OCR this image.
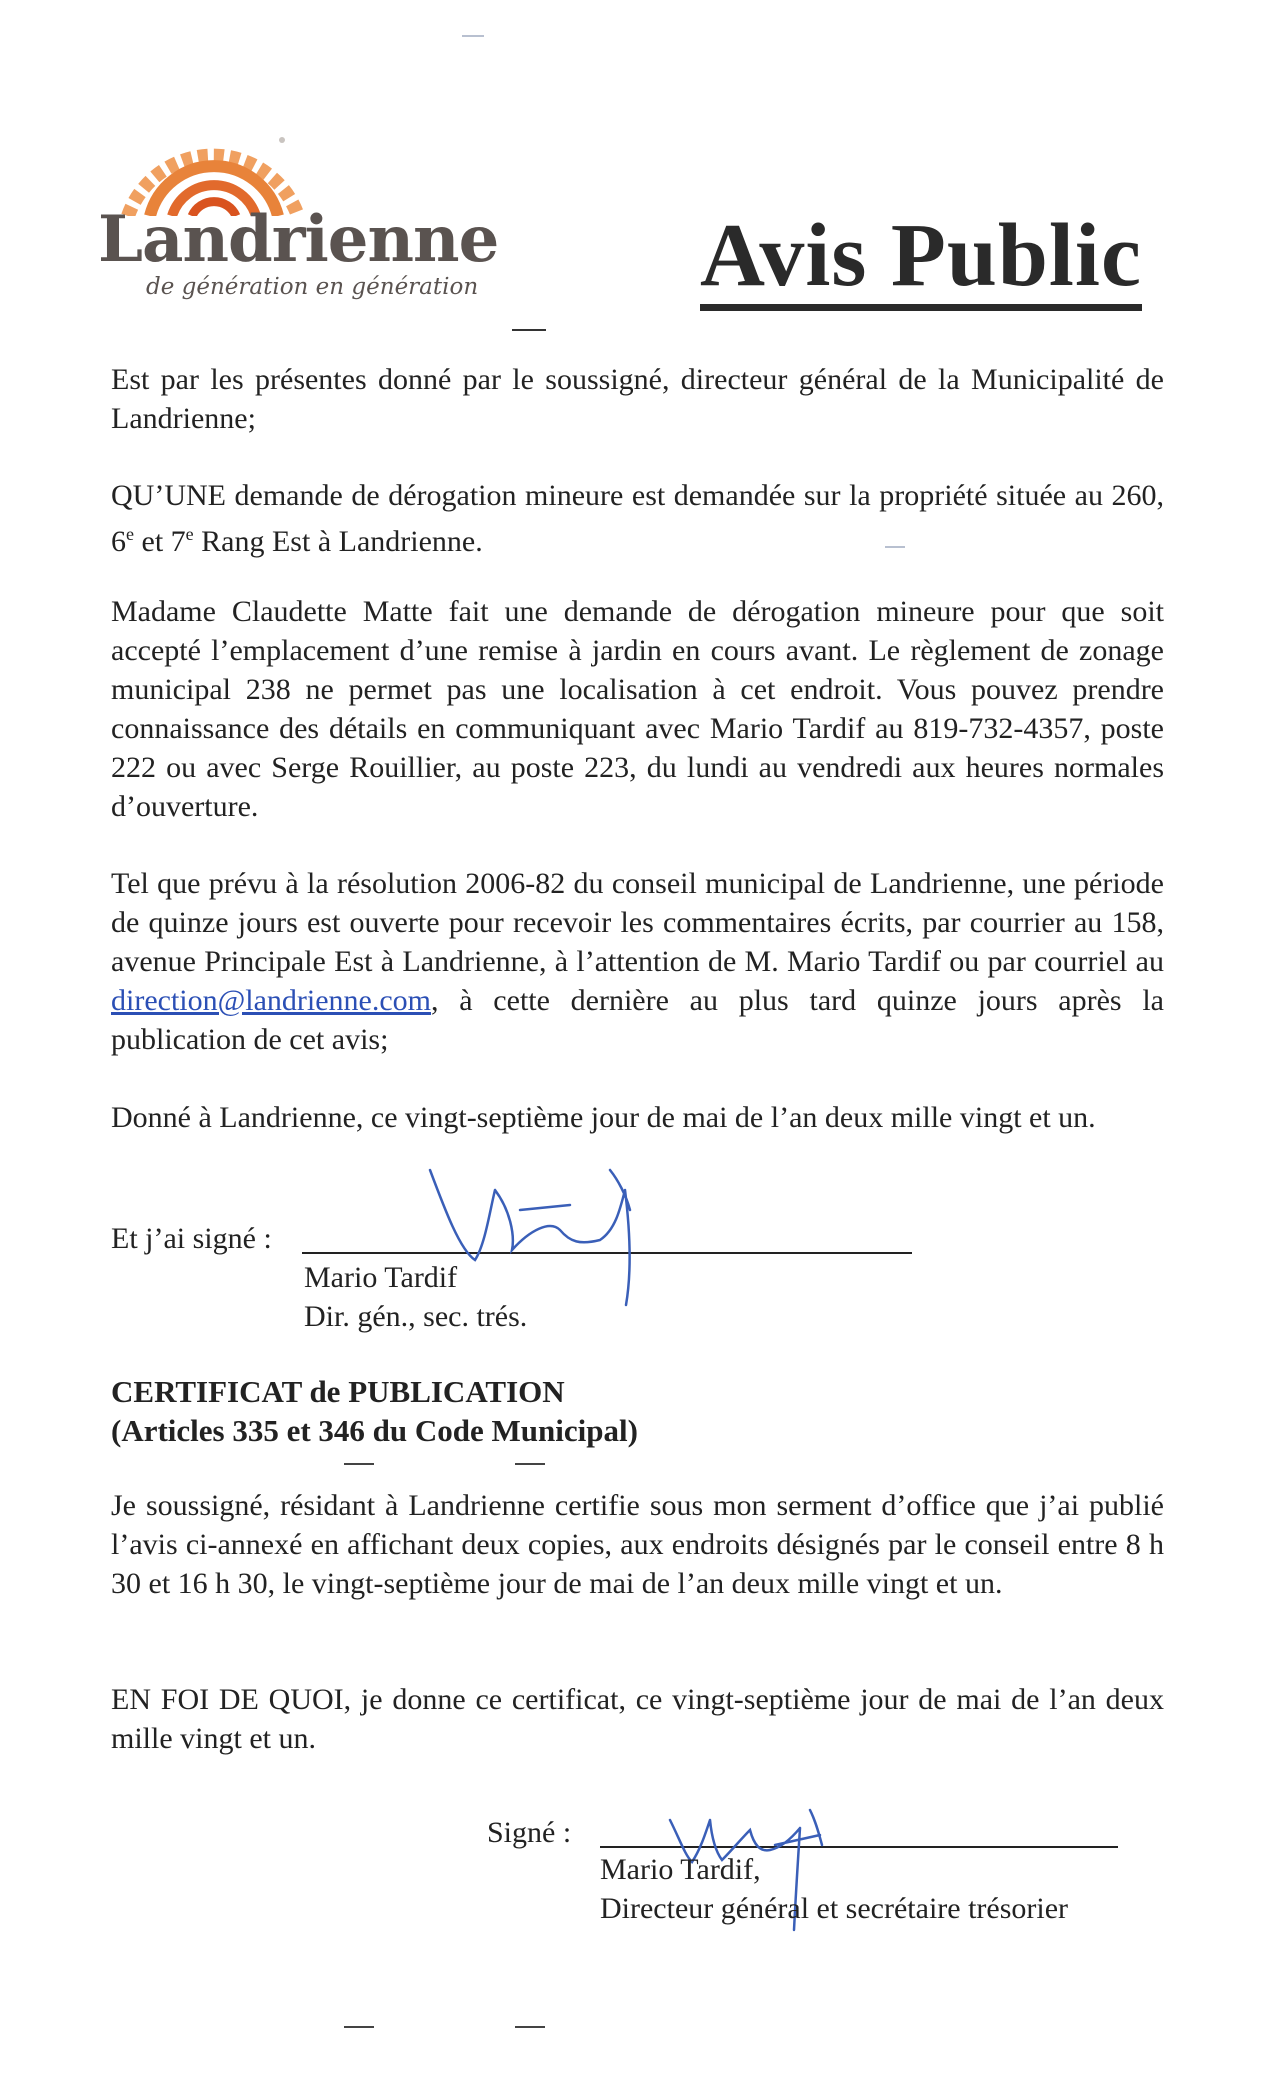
Landrienne
de génération en génération Avis Public

Est par les présentes donné par le soussigné, directeur général de la Municipalité de Landrienne;

QU’UNE demande de dérogation mineure est demandée sur la propriété située au 260, 6e et 7e Rang Est à Landrienne.

Madame Claudette Matte fait une demande de dérogation mineure pour que soit accepté l’emplacement d’une remise à jardin en cours avant. Le règlement de zonage municipal 238 ne permet pas une localisation à cet endroit. Vous pouvez prendre connaissance des détails en communiquant avec Mario Tardif au 819-732-4357, poste 222 ou avec Serge Rouillier, au poste 223, du lundi au vendredi aux heures normales d’ouverture.

Tel que prévu à la résolution 2006-82 du conseil municipal de Landrienne, une période de quinze jours est ouverte pour recevoir les commentaires écrits, par courrier au 158, avenue Principale Est à Landrienne, à l’attention de M. Mario Tardif ou par courriel au direction@landrienne.com, à cette dernière au plus tard quinze jours après la publication de cet avis;

Donné à Landrienne, ce vingt-septième jour de mai de l’an deux mille vingt et un.

Et j’ai signé :
Mario Tardif
Dir. gén., sec. trés.
CERTIFICAT de PUBLICATION
(Articles 335 et 346 du Code Municipal)

Je soussigné, résidant à Landrienne certifie sous mon serment d’office que j’ai publié l’avis ci-annexé en affichant deux copies, aux endroits désignés par le conseil entre 8 h 30 et 16 h 30, le vingt-septième jour de mai de l’an deux mille vingt et un.

EN FOI DE QUOI, je donne ce certificat, ce vingt-septième jour de mai de l’an deux mille vingt et un.

Signé :
Mario Tardif,
Directeur général et secrétaire trésorier
